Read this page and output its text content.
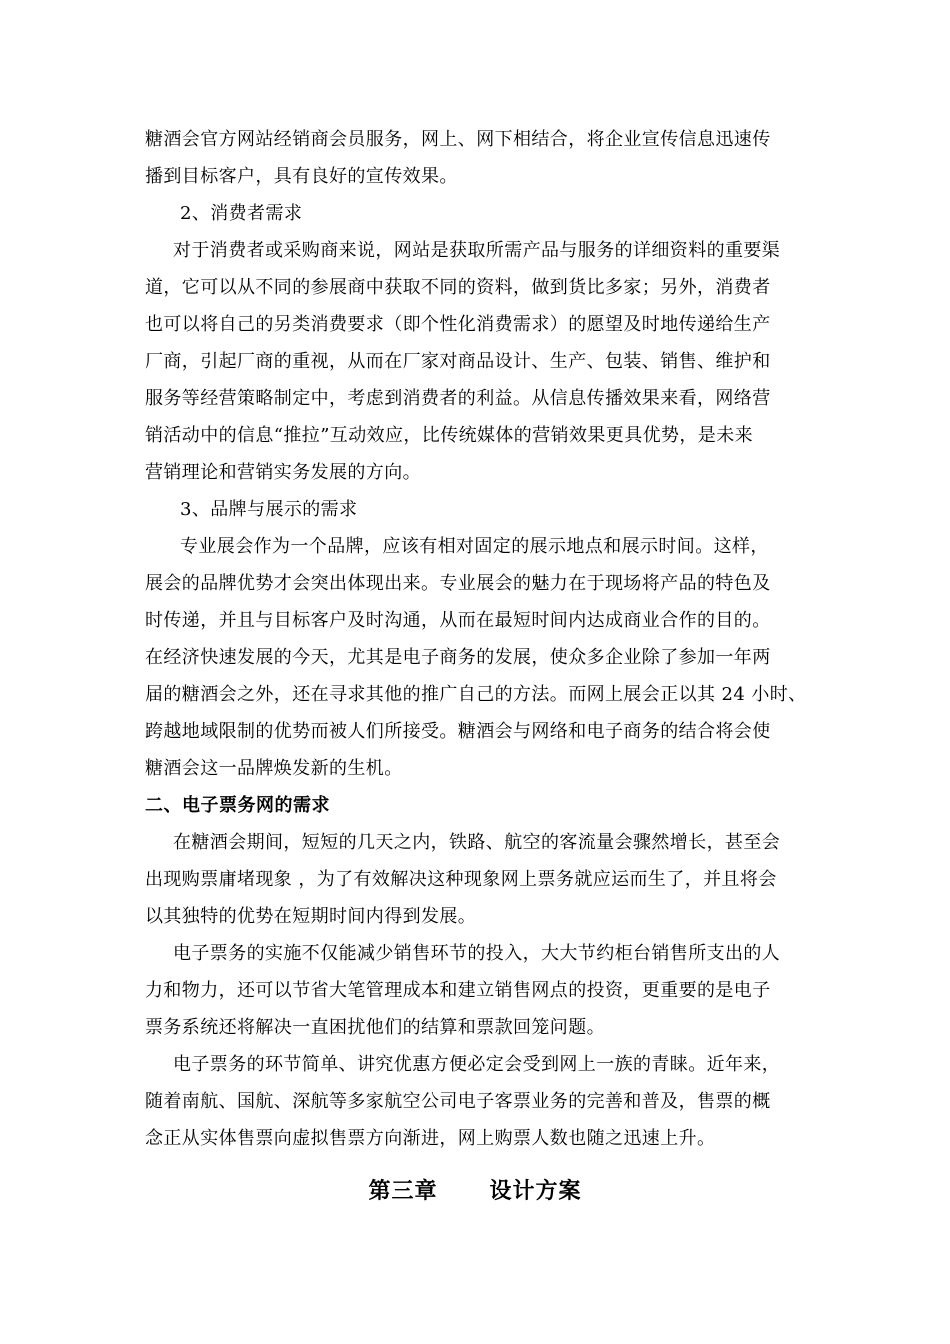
糖酒会官方网站经销商会员服务，网上、网下相结合，将企业宣传信息迅速传
播到目标客户，具有良好的宣传效果。
2、消费者需求
对于消费者或采购商来说，网站是获取所需产品与服务的详细资料的重要渠
道，它可以从不同的参展商中获取不同的资料，做到货比多家；另外，消费者
也可以将自己的另类消费要求（即个性化消费需求）的愿望及时地传递给生产
厂商，引起厂商的重视，从而在厂家对商品设计、生产、包装、销售、维护和
服务等经营策略制定中，考虑到消费者的利益。从信息传播效果来看，网络营
销活动中的信息“推拉”互动效应，比传统媒体的营销效果更具优势，是未来
营销理论和营销实务发展的方向。
3、品牌与展示的需求
专业展会作为一个品牌，应该有相对固定的展示地点和展示时间。这样，
展会的品牌优势才会突出体现出来。专业展会的魅力在于现场将产品的特色及
时传递，并且与目标客户及时沟通，从而在最短时间内达成商业合作的目的。
在经济快速发展的今天，尤其是电子商务的发展，使众多企业除了参加一年两
届的糖酒会之外，还在寻求其他的推广自己的方法。而网上展会正以其 24 小时、
跨越地域限制的优势而被人们所接受。糖酒会与网络和电子商务的结合将会使
糖酒会这一品牌焕发新的生机。
二、电子票务网的需求
在糖酒会期间，短短的几天之内，铁路、航空的客流量会骤然增长，甚至会
出现购票庸堵现象 ，为了有效解决这种现象网上票务就应运而生了，并且将会
以其独特的优势在短期时间内得到发展。
电子票务的实施不仅能减少销售环节的投入，大大节约柜台销售所支出的人
力和物力，还可以节省大笔管理成本和建立销售网点的投资，更重要的是电子
票务系统还将解决一直困扰他们的结算和票款回笼问题。
电子票务的环节简单、讲究优惠方便必定会受到网上一族的青睐。近年来，
随着南航、国航、深航等多家航空公司电子客票业务的完善和普及，售票的概
念正从实体售票向虚拟售票方向渐进，网上购票人数也随之迅速上升。
第三章      设计方案
